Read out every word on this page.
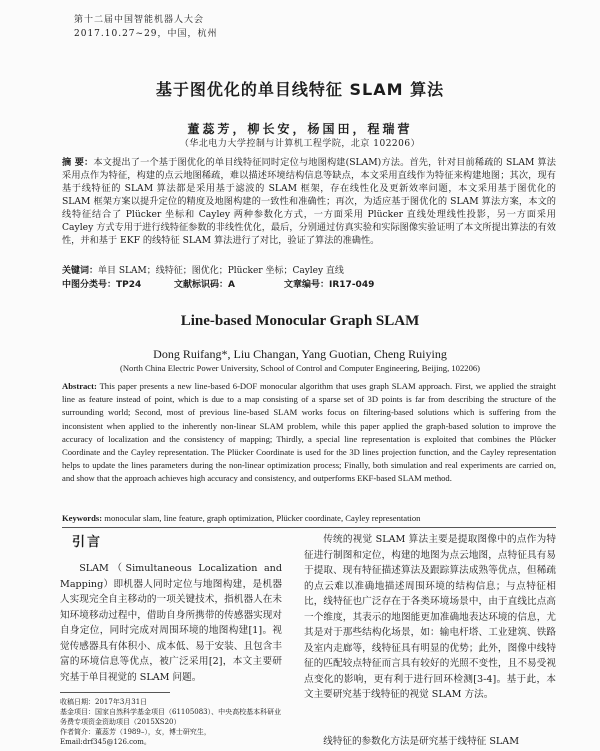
第十二届中国智能机器人大会
2017.10.27~29，中国，杭州
基于图优化的单目线特征 SLAM 算法
董蕊芳，柳长安，杨国田，程瑞营
（华北电力大学控制与计算机工程学院，北京 102206）
摘 要：本文提出了一个基于图优化的单目线特征同时定位与地图构建(SLAM)方法。首先，针对目前稀疏的 SLAM 算法采用点作为特征，构建的点云地图稀疏，难以描述环境结构信息等缺点，本文采用直线作为特征来构建地图；其次，现有基于线特征的 SLAM 算法都是采用基于滤波的 SLAM 框架，存在线性化及更新效率问题，本文采用基于图优化的 SLAM 框架方案以提升定位的精度及地图构建的一致性和准确性；再次，为适应基于图优化的 SLAM 算法方案，本文的线特征结合了 Plücker 坐标和 Cayley 两种参数化方式，一方面采用 Plücker 直线处理线性投影，另一方面采用 Cayley 方式专用于进行线特征参数的非线性优化，最后，分别通过仿真实验和实际图像实验证明了本文所提出算法的有效性，并和基于 EKF 的线特征 SLAM 算法进行了对比，验证了算法的准确性。
关键词：单目 SLAM；线特征；图优化；Plücker 坐标；Cayley 直线
中图分类号：TP24	文献标识码：A	文章编号：IR17-049
Line-based Monocular Graph SLAM
Dong Ruifang*, Liu Changan, Yang Guotian, Cheng Ruiying
(North China Electric Power University, School of Control and Computer Engineering, Beijing, 102206)
Abstract: This paper presents a new line-based 6-DOF monocular algorithm that uses graph SLAM approach. First, we applied the straight line as feature instead of point, which is due to a map consisting of a sparse set of 3D points is far from describing the structure of the surrounding world; Second, most of previous line-based SLAM works focus on filtering-based solutions which is suffering from the inconsistent when applied to the inherently non-linear SLAM problem, while this paper applied the graph-based solution to improve the accuracy of localization and the consistency of mapping; Thirdly, a special line representation is exploited that combines the Plücker Coordinate and the Cayley representation. The Plücker Coordinate is used for the 3D lines projection function, and the Cayley representation helps to update the lines parameters during the non-linear optimization process; Finally, both simulation and real experiments are carried on, and show that the approach achieves high accuracy and consistency, and outperforms EKF-based SLAM method.
Keywords: monocular slam, line feature, graph optimization, Plücker coordinate, Cayley representation
引言
SLAM（Simultaneous Localization and Mapping）即机器人同时定位与地图构建，是机器人实现完全自主移动的一项关键技术，指机器人在未知环境移动过程中，借助自身所携带的传感器实现对自身定位，同时完成对周围环境的地图构建[1]。视觉传感器具有体积小、成本低、易于安装、且包含丰富的环境信息等优点，被广泛采用[2]，本文主要研究基于单目视觉的 SLAM 问题。
传统的视觉 SLAM 算法主要是提取图像中的点作为特征进行制图和定位，构建的地图为点云地图，点特征具有易于提取、现有特征描述算法及跟踪算法成熟等优点，但稀疏的点云难以准确地描述周围环境的结构信息；与点特征相比，线特征也广泛存在于各类环境场景中，由于直线比点高一个维度，其表示的地图能更加准确地表达环境的信息，尤其是对于那些结构化场景，如：输电杆塔、工业建筑、铁路及室内走廊等，线特征具有明显的优势；此外，图像中线特征的匹配较点特征而言具有较好的光照不变性，且不易受视点变化的影响，更有利于进行回环检测[3-4]。基于此，本文主要研究基于线特征的视觉 SLAM 方法。
收稿日期：2017年3月31日
基金项目：国家自然科学基金项目（61105083）、中央高校基本科研业务费专项资金资助项目（2015XS20）
作者简介：董蕊芳（1989–），女，博士研究生，Email:drf345@126.com。	线特征的参数化方法是研究基于线特征 SLAM
